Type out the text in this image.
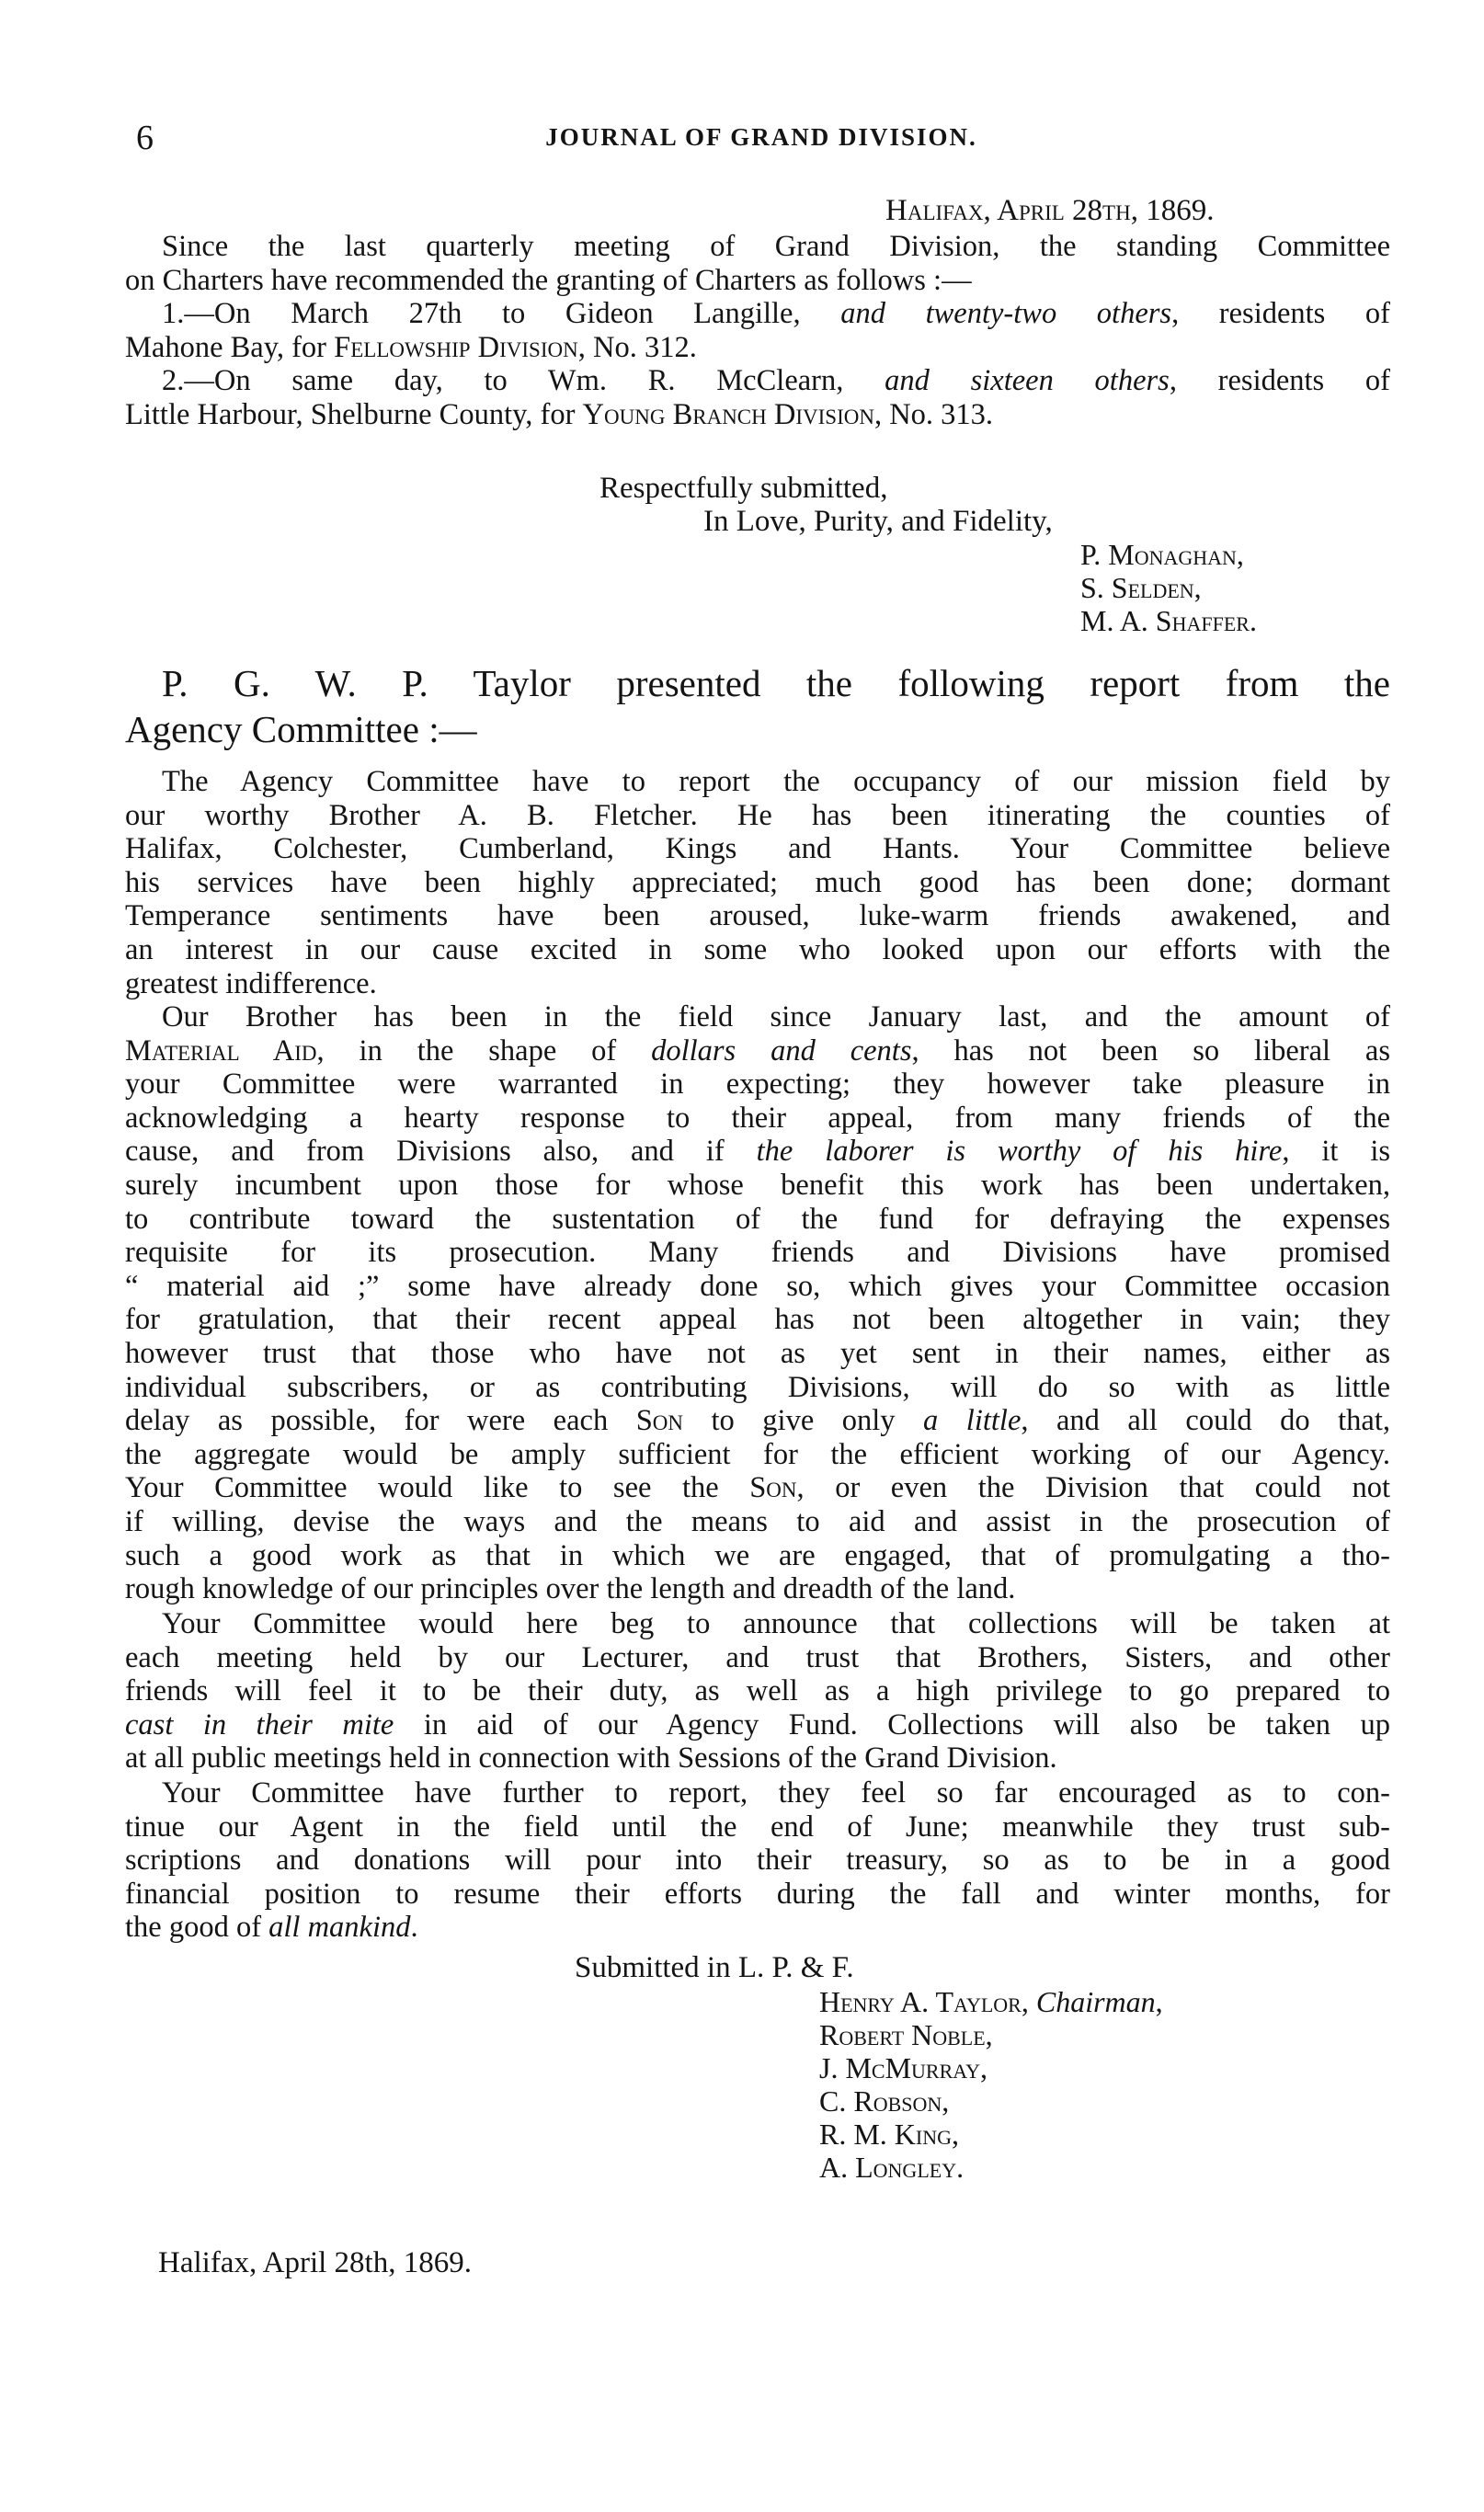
6	JOURNAL OF GRAND DIVISION.
Halifax, April 28th, 1869.
Since the last quarterly meeting of Grand Division, the standing Committee
on Charters have recommended the granting of Charters as follows :—
1.—On March 27th to Gideon Langille, and twenty-two others, residents of
Mahone Bay, for Fellowship Division, No. 312.
2.—On same day, to Wm. R. McClearn, and sixteen others, residents of
Little Harbour, Shelburne County, for Young Branch Division, No. 313.
Respectfully submitted,
In Love, Purity, and Fidelity,
P. Monaghan,
S. Selden,
M. A. Shaffer.
P. G. W. P. Taylor presented the following report from the
Agency Committee :—
The Agency Committee have to report the occupancy of our mission field by
our worthy Brother A. B. Fletcher. He has been itinerating the counties of
Halifax, Colchester, Cumberland, Kings and Hants. Your Committee believe
his services have been highly appreciated; much good has been done; dormant
Temperance sentiments have been aroused, luke-warm friends awakened, and
an interest in our cause excited in some who looked upon our efforts with the
greatest indifference.
Our Brother has been in the field since January last, and the amount of
Material Aid, in the shape of dollars and cents, has not been so liberal as
your Committee were warranted in expecting; they however take pleasure in
acknowledging a hearty response to their appeal, from many friends of the
cause, and from Divisions also, and if the laborer is worthy of his hire, it is
surely incumbent upon those for whose benefit this work has been undertaken,
to contribute toward the sustentation of the fund for defraying the expenses
requisite for its prosecution. Many friends and Divisions have promised
“ material aid ;” some have already done so, which gives your Committee occasion
for gratulation, that their recent appeal has not been altogether in vain; they
however trust that those who have not as yet sent in their names, either as
individual subscribers, or as contributing Divisions, will do so with as little
delay as possible, for were each Son to give only a little, and all could do that,
the aggregate would be amply sufficient for the efficient working of our Agency.
Your Committee would like to see the Son, or even the Division that could not
if willing, devise the ways and the means to aid and assist in the prosecution of
such a good work as that in which we are engaged, that of promulgating a tho-
rough knowledge of our principles over the length and dreadth of the land.
Your Committee would here beg to announce that collections will be taken at
each meeting held by our Lecturer, and trust that Brothers, Sisters, and other
friends will feel it to be their duty, as well as a high privilege to go prepared to
cast in their mite in aid of our Agency Fund. Collections will also be taken up
at all public meetings held in connection with Sessions of the Grand Division.
Your Committee have further to report, they feel so far encouraged as to con-
tinue our Agent in the field until the end of June; meanwhile they trust sub-
scriptions and donations will pour into their treasury, so as to be in a good
financial position to resume their efforts during the fall and winter months, for
the good of all mankind.
Submitted in L. P. & F.
Henry A. Taylor, Chairman,
Robert Noble,
J. McMurray,
C. Robson,
R. M. King,
A. Longley.
Halifax, April 28th, 1869.
